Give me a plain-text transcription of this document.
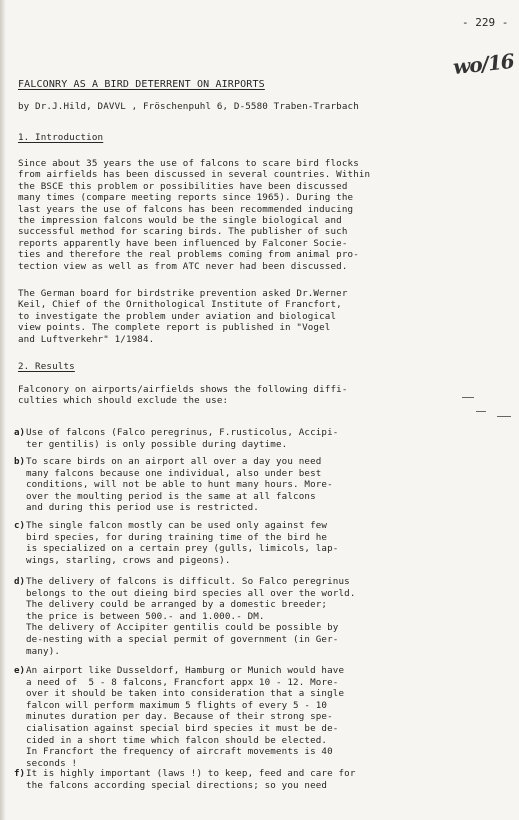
- 229 -
wo/16
FALCONRY AS A BIRD DETERRENT ON AIRPORTS
by Dr.J.Hild, DAVVL , Fröschenpuhl 6, D-5580 Traben-Trarbach
1. Introduction
Since about 35 years the use of falcons to scare bird flocks
from airfields has been discussed in several countries. Within
the BSCE this problem or possibilities have been discussed
many times (compare meeting reports since 1965). During the
last years the use of falcons has been recommended inducing
the impression falcons would be the single biological and
successful method for scaring birds. The publisher of such
reports apparently have been influenced by Falconer Socie-
ties and therefore the real problems coming from animal pro-
tection view as well as from ATC never had been discussed.
The German board for birdstrike prevention asked Dr.Werner
Keil, Chief of the Ornithological Institute of Francfort,
to investigate the problem under aviation and biological
view points. The complete report is published in "Vogel
and Luftverkehr" 1/1984.
2. Results
Falconory on airports/airfields shows the following diffi-
culties which should exclude the use:
a) Use of falcons (Falco peregrinus, F.rusticolus, Accipi-
ter gentilis) is only possible during daytime.
b) To scare birds on an airport all over a day you need
many falcons because one individual, also under best
conditions, will not be able to hunt many hours. More-
over the moulting period is the same at all falcons
and during this period use is restricted.
c) The single falcon mostly can be used only against few
bird species, for during training time of the bird he
is specialized on a certain prey (gulls, limicols, lap-
wings, starling, crows and pigeons).
d) The delivery of falcons is difficult. So Falco peregrinus
belongs to the out dieing bird species all over the world.
The delivery could be arranged by a domestic breeder;
the price is between 500.- and 1.000.- DM.
The delivery of Accipiter gentilis could be possible by
de-nesting with a special permit of government (in Ger-
many).
e) An airport like Dusseldorf, Hamburg or Munich would have
a need of  5 - 8 falcons, Francfort appx 10 - 12. More-
over it should be taken into consideration that a single
falcon will perform maximum 5 flights of every 5 - 10
minutes duration per day. Because of their strong spe-
cialisation against special bird species it must be de-
cided in a short time which falcon should be elected.
In Francfort the frequency of aircraft movements is 40
seconds !
f) It is highly important (laws !) to keep, feed and care for
the falcons according special directions; so you need
